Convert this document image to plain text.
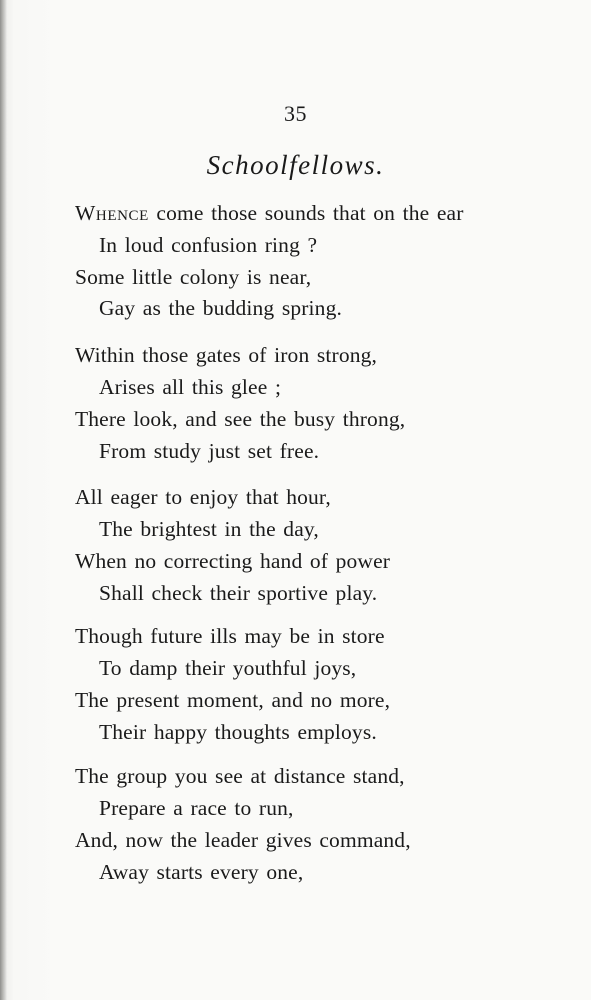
35
Schoolfellows.
Whence come those sounds that on the ear
In loud confusion ring ?
Some little colony is near,
Gay as the budding spring.
Within those gates of iron strong,
Arises all this glee ;
There look, and see the busy throng,
From study just set free.
All eager to enjoy that hour,
The brightest in the day,
When no correcting hand of power
Shall check their sportive play.
Though future ills may be in store
To damp their youthful joys,
The present moment, and no more,
Their happy thoughts employs.
The group you see at distance stand,
Prepare a race to run,
And, now the leader gives command,
Away starts every one,
